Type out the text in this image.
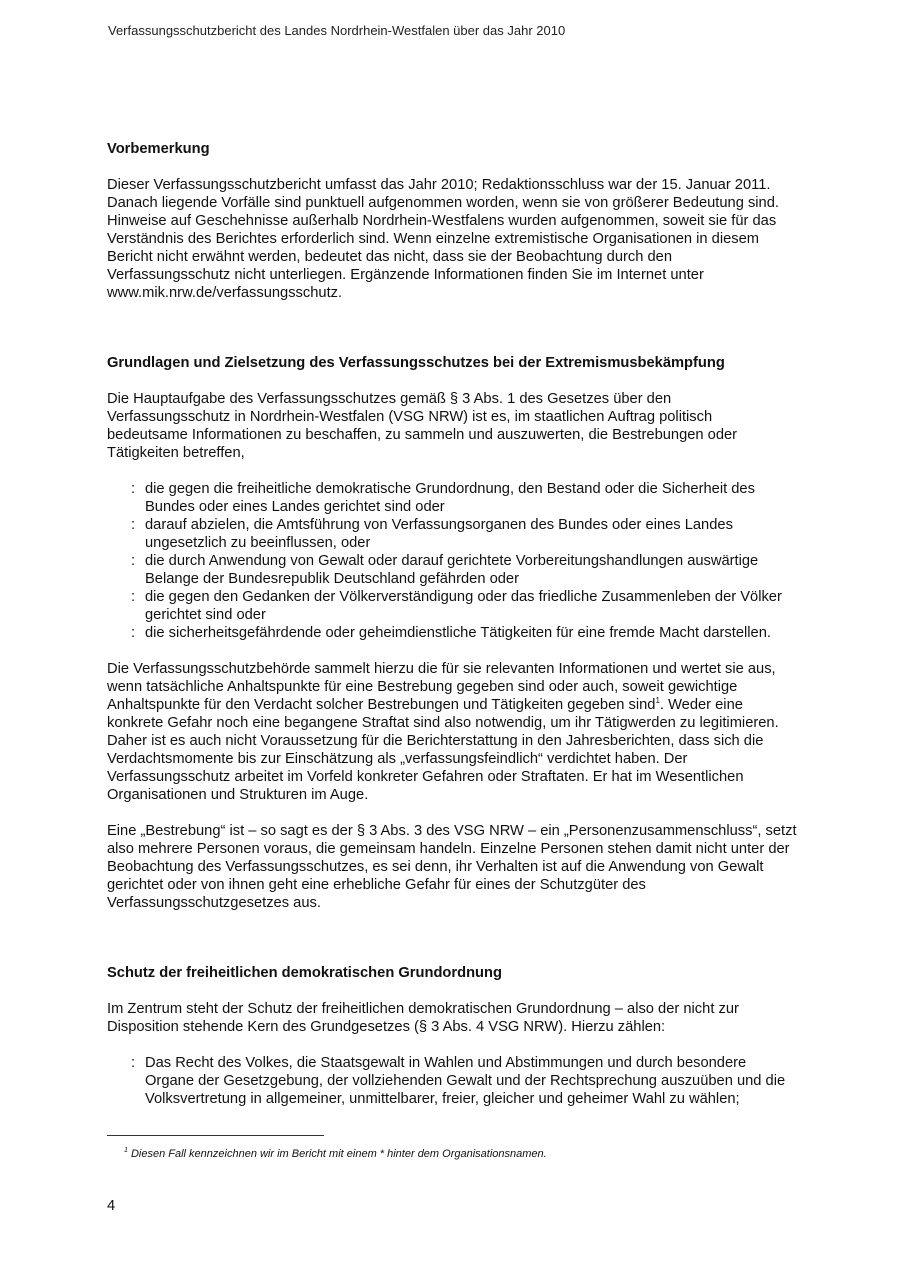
Verfassungsschutzbericht des Landes Nordrhein-Westfalen über das Jahr 2010
Vorbemerkung

Dieser Verfassungsschutzbericht umfasst das Jahr 2010; Redaktionsschluss war der 15. Januar 2011. Danach liegende Vorfälle sind punktuell aufgenommen worden, wenn sie von größerer Bedeutung sind. Hinweise auf Geschehnisse außerhalb Nordrhein-Westfalens wurden aufgenommen, soweit sie für das Verständnis des Berichtes erforderlich sind. Wenn einzelne extremistische Organisationen in diesem Bericht nicht erwähnt werden, bedeutet das nicht, dass sie der Beobachtung durch den Verfassungsschutz nicht unterliegen. Ergänzende Informationen finden Sie im Internet unter www.mik.nrw.de/verfassungsschutz.

Grundlagen und Zielsetzung des Verfassungsschutzes bei der Extremismusbekämpfung

Die Hauptaufgabe des Verfassungsschutzes gemäß § 3 Abs. 1 des Gesetzes über den Verfassungsschutz in Nordrhein-Westfalen (VSG NRW) ist es, im staatlichen Auftrag politisch bedeutsame Informationen zu beschaffen, zu sammeln und auszuwerten, die Bestrebungen oder Tätigkeiten betreffen,

: die gegen die freiheitliche demokratische Grundordnung, den Bestand oder die Sicherheit des Bundes oder eines Landes gerichtet sind oder
: darauf abzielen, die Amtsführung von Verfassungsorganen des Bundes oder eines Landes ungesetzlich zu beeinflussen, oder
: die durch Anwendung von Gewalt oder darauf gerichtete Vorbereitungshandlungen auswärtige Belange der Bundesrepublik Deutschland gefährden oder
: die gegen den Gedanken der Völkerverständigung oder das friedliche Zusammenleben der Völker gerichtet sind oder
: die sicherheitsgefährdende oder geheimdienstliche Tätigkeiten für eine fremde Macht darstellen.

Die Verfassungsschutzbehörde sammelt hierzu die für sie relevanten Informationen und wertet sie aus, wenn tatsächliche Anhaltspunkte für eine Bestrebung gegeben sind oder auch, soweit gewichtige Anhaltspunkte für den Verdacht solcher Bestrebungen und Tätigkeiten gegeben sind$^1$. Weder eine konkrete Gefahr noch eine begangene Straftat sind also notwendig, um ihr Tätigwerden zu legitimieren. Daher ist es auch nicht Voraussetzung für die Berichterstattung in den Jahresberichten, dass sich die Verdachtsmomente bis zur Einschätzung als „verfassungsfeindlich“ verdichtet haben. Der Verfassungsschutz arbeitet im Vorfeld konkreter Gefahren oder Straftaten. Er hat im Wesentlichen Organisationen und Strukturen im Auge.

Eine „Bestrebung“ ist – so sagt es der § 3 Abs. 3 des VSG NRW – ein „Personenzusammenschluss“, setzt also mehrere Personen voraus, die gemeinsam handeln. Einzelne Personen stehen damit nicht unter der Beobachtung des Verfassungsschutzes, es sei denn, ihr Verhalten ist auf die Anwendung von Gewalt gerichtet oder von ihnen geht eine erhebliche Gefahr für eines der Schutzgüter des Verfassungsschutzgesetzes aus.

Schutz der freiheitlichen demokratischen Grundordnung

Im Zentrum steht der Schutz der freiheitlichen demokratischen Grundordnung – also der nicht zur Disposition stehende Kern des Grundgesetzes (§ 3 Abs. 4 VSG NRW). Hierzu zählen:

: Das Recht des Volkes, die Staatsgewalt in Wahlen und Abstimmungen und durch besondere Organe der Gesetzgebung, der vollziehenden Gewalt und der Rechtsprechung auszuüben und die Volksvertretung in allgemeiner, unmittelbarer, freier, gleicher und geheimer Wahl zu wählen;
$^1$ Diesen Fall kennzeichnen wir im Bericht mit einem * hinter dem Organisationsnamen.
4
